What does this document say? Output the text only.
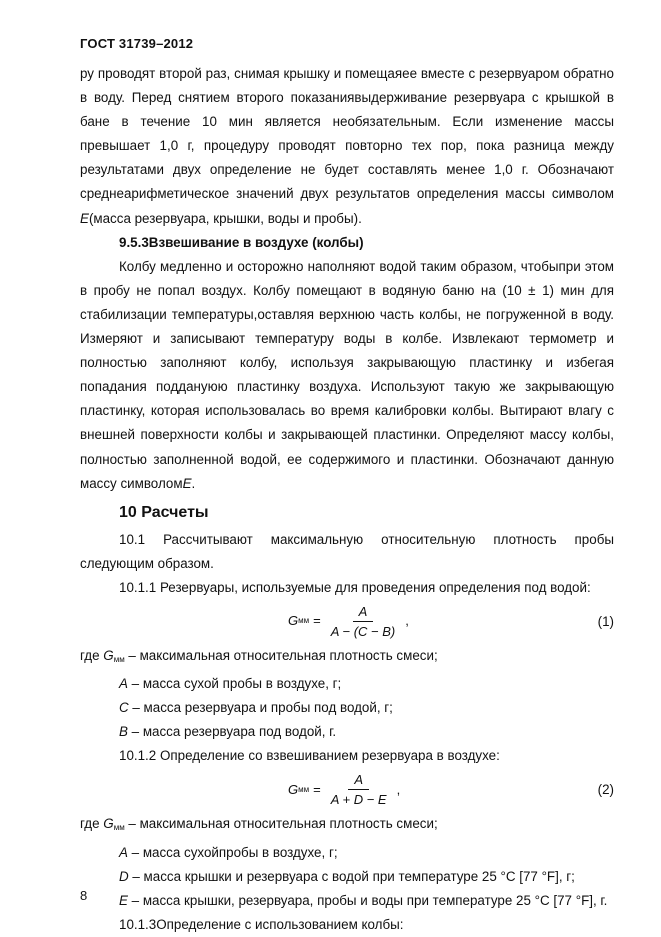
ГОСТ 31739–2012

ру проводят второй раз, снимая крышку и помещаяее вместе с резервуаром обратно в воду. Перед снятием второго показаниявыдерживание резервуара с крышкой в бане в течение 10 мин является необязательным. Если изменение массы превышает 1,0 г, процедуру проводят повторно тех пор, пока разница между результатами двух определение не будет составлять менее 1,0 г. Обозначают среднеарифметическое значений двух результатов определения массы символом E(масса резервуара, крышки, воды и пробы).

9.5.3Взвешивание в воздухе (колбы)

Колбу медленно и осторожно наполняют водой таким образом, чтобыпри этом в пробу не попал воздух. Колбу помещают в водяную баню на (10 ± 1) мин для стабилизации температуры,оставляя верхнюю часть колбы, не погруженной в воду. Измеряют и записывают температуру воды в колбе. Извлекают термометр и полностью заполняют колбу, используя закрывающую пластинку и избегая попадания поддануюю пластинку воздуха. Используют такую же закрывающую пластинку, которая использовалась во время калибровки колбы. Вытирают влагу с внешней поверхности колбы и закрывающей пластинки. Определяют массу колбы, полностью заполненной водой, ее содержимого и пластинки. Обозначают данную массу символомE.

10 Расчеты

10.1 Рассчитывают максимальную относительную плотность пробы следующим образом.

10.1.1 Резервуары, используемые для проведения определения под водой:

G мм = $\frac{A}{A - (C - B)}$ ,	(1)

где $G_{мм}$ – максимальная относительная плотность смеси;

A – масса сухой пробы в воздухе, г;

C – масса резервуара и пробы под водой, г;

B – масса резервуара под водой, г.

10.1.2 Определение со взвешиванием резервуара в воздухе:

G мм = $\frac{A}{A + D - E}$ ,	(2)

где $G_{мм}$ – максимальная относительная плотность смеси;

A – масса сухойпробы в воздухе, г;

D – масса крышки и резервуара с водой при температуре 25 °C [77 °F], г;

E – масса крышки, резервуара, пробы и воды при температуре 25 °C [77 °F], г.

10.1.3Определение с использованием колбы:

8
